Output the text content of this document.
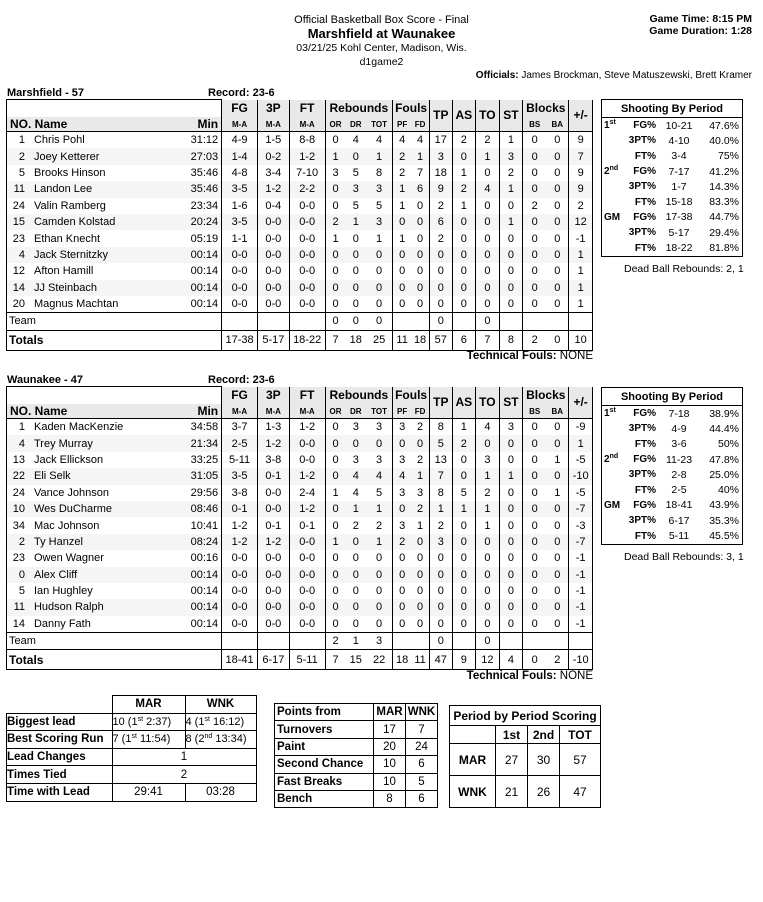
Official Basketball Box Score - Final
Marshfield at Waunakee
03/21/25 Kohl Center, Madison, Wis.
d1game2
Game Time: 8:15 PM
Game Duration: 1:28
Officials: James Brockman, Steve Matuszewski, Brett Kramer
Marshfield - 57	Record: 23-6
			FG	3P	FT	Rebounds			Fouls		TP	AS	TO	ST	Blocks		+/-
NO. Name		Min	M-A	M-A	M-A	OR	DR	TOT	PF	FD					BS	BA	
1	Chris Pohl	31:12	4-9	1-5	8-8	0	4	4	4	4	17	2	2	1	0	0	9
2	Joey Ketterer	27:03	1-4	0-2	1-2	1	0	1	2	1	3	0	1	3	0	0	7
5	Brooks Hinson	35:46	4-8	3-4	7-10	3	5	8	2	7	18	1	0	2	0	0	9
11	Landon Lee	35:46	3-5	1-2	2-2	0	3	3	1	6	9	2	4	1	0	0	9
24	Valin Ramberg	23:34	1-6	0-4	0-0	0	5	5	1	0	2	1	0	0	2	0	2
15	Camden Kolstad	20:24	3-5	0-0	0-0	2	1	3	0	0	6	0	0	1	0	0	12
23	Ethan Knecht	05:19	1-1	0-0	0-0	1	0	1	1	0	2	0	0	0	0	0	-1
4	Jack Sternitzky	00:14	0-0	0-0	0-0	0	0	0	0	0	0	0	0	0	0	0	1
12	Afton Hamill	00:14	0-0	0-0	0-0	0	0	0	0	0	0	0	0	0	0	0	1
14	JJ Steinbach	00:14	0-0	0-0	0-0	0	0	0	0	0	0	0	0	0	0	0	1
20	Magnus Machtan	00:14	0-0	0-0	0-0	0	0	0	0	0	0	0	0	0	0	0	1
Team						0	0	0			0		0				
Totals			17-38	5-17	18-22	7	18	25	11	18	57	6	7	8	2	0	10
Technical Fouls: NONE
Shooting By Period			
1st	FG%	10-21	47.6%
	3PT%	4-10	40.0%
	FT%	3-4	75%
2nd	FG%	7-17	41.2%
	3PT%	1-7	14.3%
	FT%	15-18	83.3%
GM	FG%	17-38	44.7%
	3PT%	5-17	29.4%
	FT%	18-22	81.8%
Dead Ball Rebounds: 2, 1
Waunakee - 47	Record: 23-6
			FG	3P	FT	Rebounds			Fouls		TP	AS	TO	ST	Blocks		+/-
NO. Name		Min	M-A	M-A	M-A	OR	DR	TOT	PF	FD					BS	BA	
1	Kaden MacKenzie	34:58	3-7	1-3	1-2	0	3	3	3	2	8	1	4	3	0	0	-9
4	Trey Murray	21:34	2-5	1-2	0-0	0	0	0	0	0	5	2	0	0	0	0	1
13	Jack Ellickson	33:25	5-11	3-8	0-0	0	3	3	3	2	13	0	3	0	0	1	-5
22	Eli Selk	31:05	3-5	0-1	1-2	0	4	4	4	1	7	0	1	1	0	0	-10
24	Vance Johnson	29:56	3-8	0-0	2-4	1	4	5	3	3	8	5	2	0	0	1	-5
10	Wes DuCharme	08:46	0-1	0-0	1-2	0	1	1	0	2	1	1	1	0	0	0	-7
34	Mac Johnson	10:41	1-2	0-1	0-1	0	2	2	3	1	2	0	1	0	0	0	-3
2	Ty Hanzel	08:24	1-2	1-2	0-0	1	0	1	2	0	3	0	0	0	0	0	-7
23	Owen Wagner	00:16	0-0	0-0	0-0	0	0	0	0	0	0	0	0	0	0	0	-1
0	Alex Cliff	00:14	0-0	0-0	0-0	0	0	0	0	0	0	0	0	0	0	0	-1
5	Ian Hughley	00:14	0-0	0-0	0-0	0	0	0	0	0	0	0	0	0	0	0	-1
11	Hudson Ralph	00:14	0-0	0-0	0-0	0	0	0	0	0	0	0	0	0	0	0	-1
14	Danny Fath	00:14	0-0	0-0	0-0	0	0	0	0	0	0	0	0	0	0	0	-1
Team						2	1	3			0		0				
Totals			18-41	6-17	5-11	7	15	22	18	11	47	9	12	4	0	2	-10
Technical Fouls: NONE
Shooting By Period			
1st	FG%	7-18	38.9%
	3PT%	4-9	44.4%
	FT%	3-6	50%
2nd	FG%	11-23	47.8%
	3PT%	2-8	25.0%
	FT%	2-5	40%
GM	FG%	18-41	43.9%
	3PT%	6-17	35.3%
	FT%	5-11	45.5%
Dead Ball Rebounds: 3, 1
	MAR	WNK
Biggest lead	10 (1st 2:37)	4 (1st 16:12)
Best Scoring Run	7 (1st 11:54)	8 (2nd 13:34)
Lead Changes	1	
Times Tied	2	
Time with Lead	29:41	03:28
Points from	MAR	WNK
Turnovers	17	7
Paint	20	24
Second Chance	10	6
Fast Breaks	10	5
Bench	8	6
Period by Period Scoring			
	1st	2nd	TOT
MAR	27	30	57
WNK	21	26	47
